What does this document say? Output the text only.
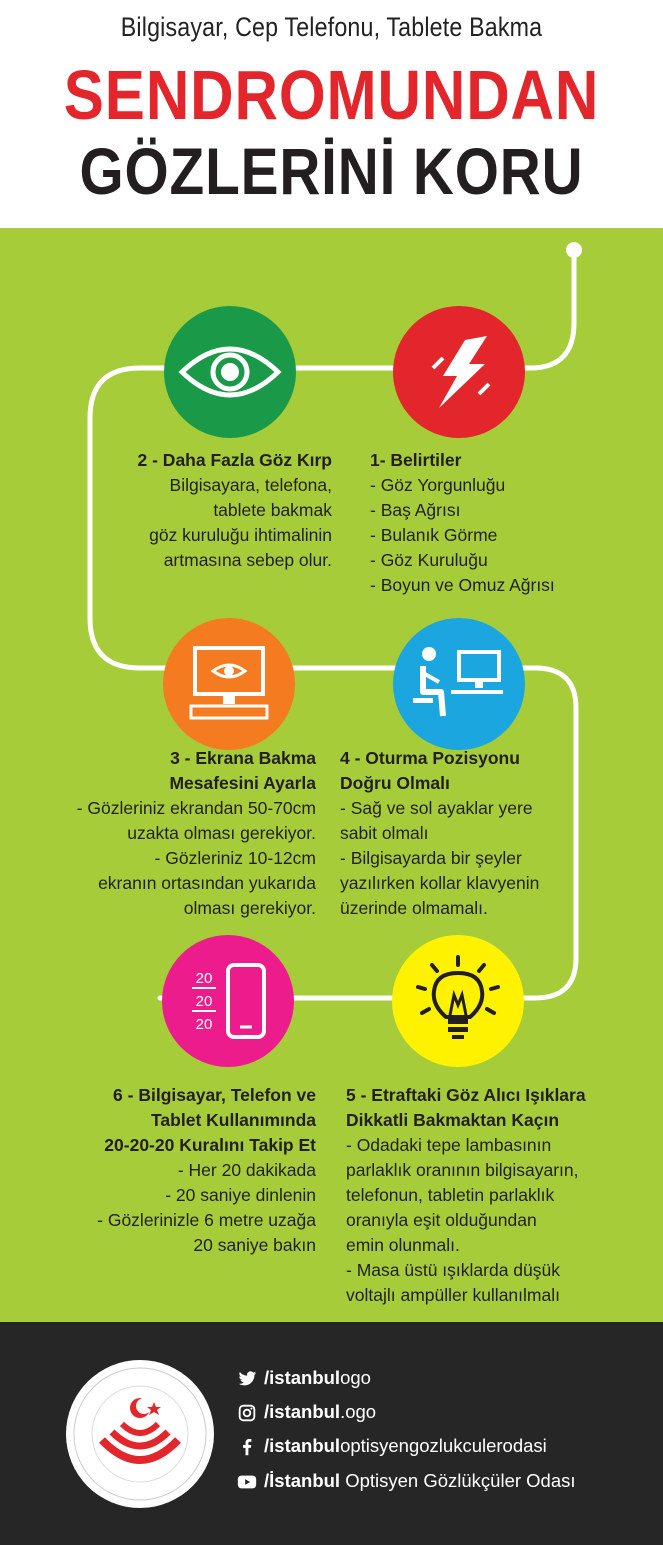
Bilgisayar, Cep Telefonu, Tablete Bakma
SENDROMUNDAN
GÖZLERİNİ KORU
2 - Daha Fazla Göz Kırp
Bilgisayara, telefona,
tablete bakmak
göz kuruluğu ihtimalinin
artmasına sebep olur.
1- Belirtiler
- Göz Yorgunluğu
- Baş Ağrısı
- Bulanık Görme
- Göz Kuruluğu
- Boyun ve Omuz Ağrısı
3 - Ekrana Bakma
Mesafesini Ayarla
- Gözleriniz ekrandan 50-70cm
uzakta olması gerekiyor.
- Gözleriniz 10-12cm
ekranın ortasından yukarıda
olması gerekiyor.
4 - Oturma Pozisyonu
Doğru Olmalı
- Sağ ve sol ayaklar yere
sabit olmalı
- Bilgisayarda bir şeyler
yazılırken kollar klavyenin
üzerinde olmamalı.
20
20
20
6 - Bilgisayar, Telefon ve
Tablet Kullanımında
20-20-20 Kuralını Takip Et
- Her 20 dakikada
- 20 saniye dinlenin
- Gözlerinizle 6 metre uzağa
20 saniye bakın
5 - Etraftaki Göz Alıcı Işıklara
Dikkatli Bakmaktan Kaçın
- Odadaki tepe lambasının
parlaklık oranının bilgisayarın,
telefonun, tabletin parlaklık
oranıyla eşit olduğundan
emin olunmalı.
- Masa üstü ışıklarda düşük
voltajlı ampüller kullanılmalı
/istanbulogo
/istanbul.ogo
/istanbuloptisyengozlukculerodasi
/İstanbul Optisyen Gözlükçüler Odası
